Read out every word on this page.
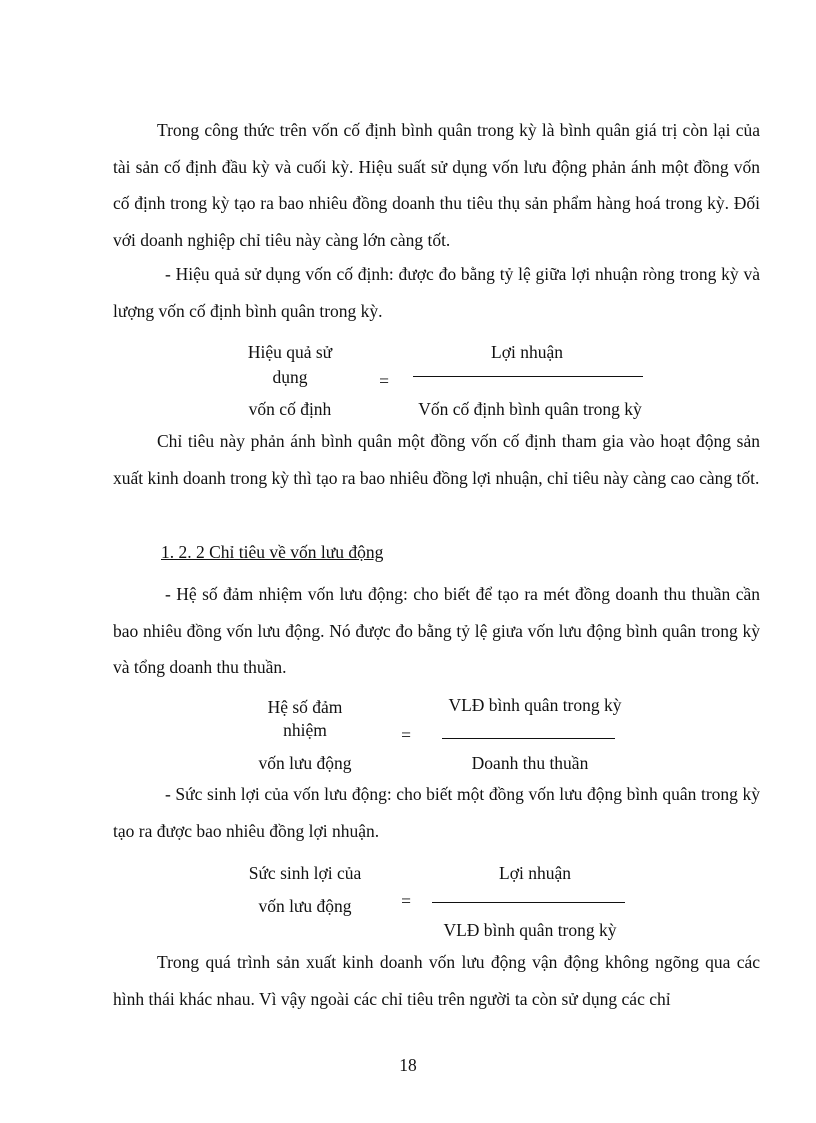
Trong công thức trên vốn cố định bình quân trong kỳ là bình quân giá trị còn lại của tài sản cố định đầu kỳ và cuối kỳ. Hiệu suất sử dụng vốn lưu động phản ánh một đồng vốn cố định trong kỳ tạo ra bao nhiêu đồng doanh thu tiêu thụ sản phẩm hàng hoá trong kỳ. Đối với doanh nghiệp chỉ tiêu này càng lớn càng tốt.

- Hiệu quả sử dụng vốn cố định: được đo bằng tỷ lệ giữa lợi nhuận ròng trong kỳ và lượng vốn cố định bình quân trong kỳ.

Hiệu quả sử

dụng

vốn cố định

=

Lợi nhuận

Vốn cố định bình quân trong kỳ

Chỉ tiêu này phản ánh bình quân một đồng vốn cố định tham gia vào hoạt động sản xuất kinh doanh trong kỳ thì tạo ra bao nhiêu đồng lợi nhuận, chỉ tiêu này càng cao càng tốt.

1. 2. 2 Chỉ tiêu về vốn lưu động

- Hệ số đảm nhiệm vốn lưu động: cho biết để tạo ra mét đồng doanh thu thuần cần bao nhiêu đồng vốn lưu động. Nó được đo bằng tỷ lệ giưa vốn lưu động bình quân trong kỳ và tổng doanh thu thuần.

Hệ số đảm

nhiệm

vốn lưu động

=

VLĐ bình quân trong kỳ

Doanh thu thuần

- Sức sinh lợi của vốn lưu động: cho biết một đồng vốn lưu động bình quân trong kỳ tạo ra được bao nhiêu đồng lợi nhuận.

Sức sinh lợi của

vốn lưu động	=

Lợi nhuận

VLĐ bình quân trong kỳ

Trong quá trình sản xuất kinh doanh vốn lưu động vận động không ngõng qua các hình thái khác nhau. Vì vậy ngoài các chỉ tiêu trên người ta còn sử dụng các chỉ

18
